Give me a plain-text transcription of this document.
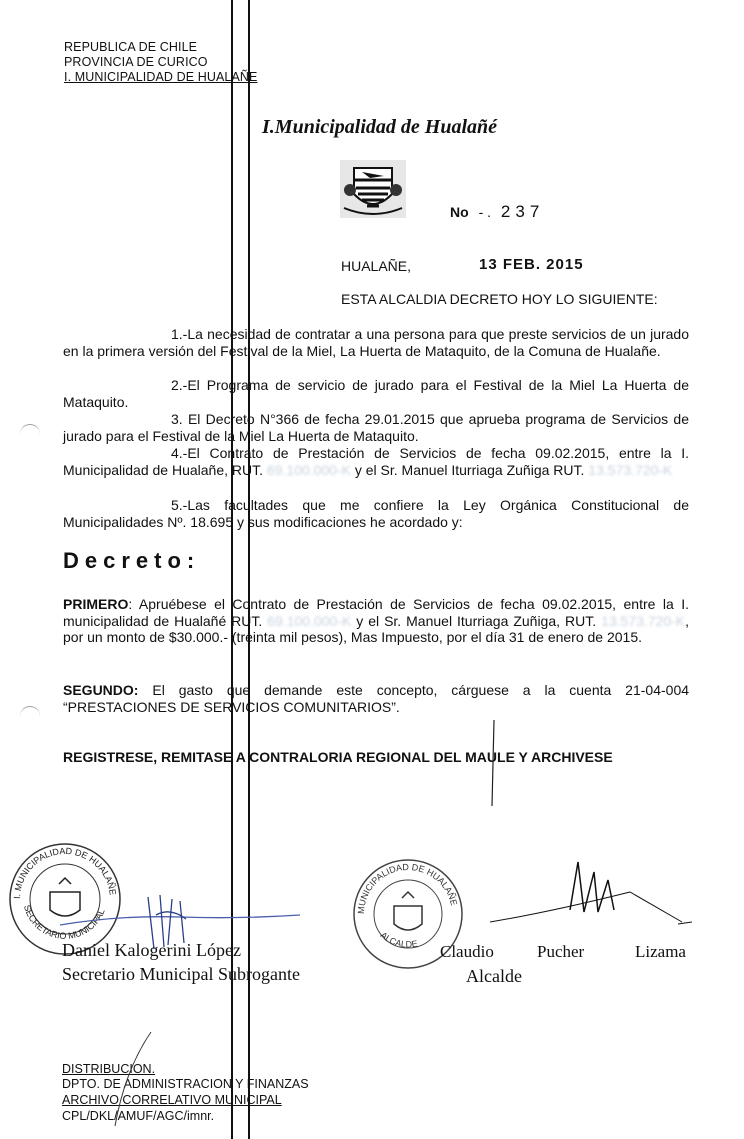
REPUBLICA DE CHILE
PROVINCIA DE CURICO
I. MUNICIPALIDAD DE HUALAÑE
I.Municipalidad de Hualañé
No - . 237
HUALAÑE,	13 FEB. 2015
ESTA ALCALDIA DECRETO HOY LO SIGUIENTE:
1.-La necesidad de contratar a una persona para que preste servicios de un jurado en la primera versión del Festival de la Miel, La Huerta de Mataquito, de la Comuna de Hualañe.
2.-El Programa de servicio de jurado para el Festival de la Miel La Huerta de Mataquito.
3. El Decreto N°366 de fecha 29.01.2015 que aprueba programa de Servicios de jurado para el Festival de la Miel La Huerta de Mataquito.
4.-El Contrato de Prestación de Servicios de fecha 09.02.2015, entre la I. Municipalidad de Hualañe, RUT. 69.100.000-K y el Sr. Manuel Iturriaga Zuñiga RUT. 13.573.720-K
5.-Las facultades que me confiere la Ley Orgánica Constitucional de Municipalidades Nº. 18.695 y sus modificaciones he acordado y:
Decreto:
PRIMERO: Apruébese el Contrato de Prestación de Servicios de fecha 09.02.2015, entre la I. municipalidad de Hualañé RUT. 69.100.000-K y el Sr. Manuel Iturriaga Zuñiga, RUT. 13.573.720-K, por un monto de $30.000.- (treinta mil pesos), Mas Impuesto, por el día 31 de enero de 2015.
SEGUNDO: El gasto que demande este concepto, cárguese a la cuenta 21-04-004 “PRESTACIONES DE SERVICIOS COMUNITARIOS”.
REGISTRESE, REMITASE A CONTRALORIA REGIONAL DEL MAULE Y ARCHIVESE
I. MUNICIPALIDAD DE HUALAÑE
SECRETARIO MUNICIPAL
Daniel Kalogerini López
Secretario Municipal Subrogante
MUNICIPALIDAD DE HUALAÑE
ALCALDE Claudio	Pucher	Lizama
Alcalde
DISTRIBUCION.
DPTO. DE ADMINISTRACION Y FINANZAS
ARCHIVO CORRELATIVO MUNICIPAL
CPL/DKL/AMUF/AGC/imnr.
